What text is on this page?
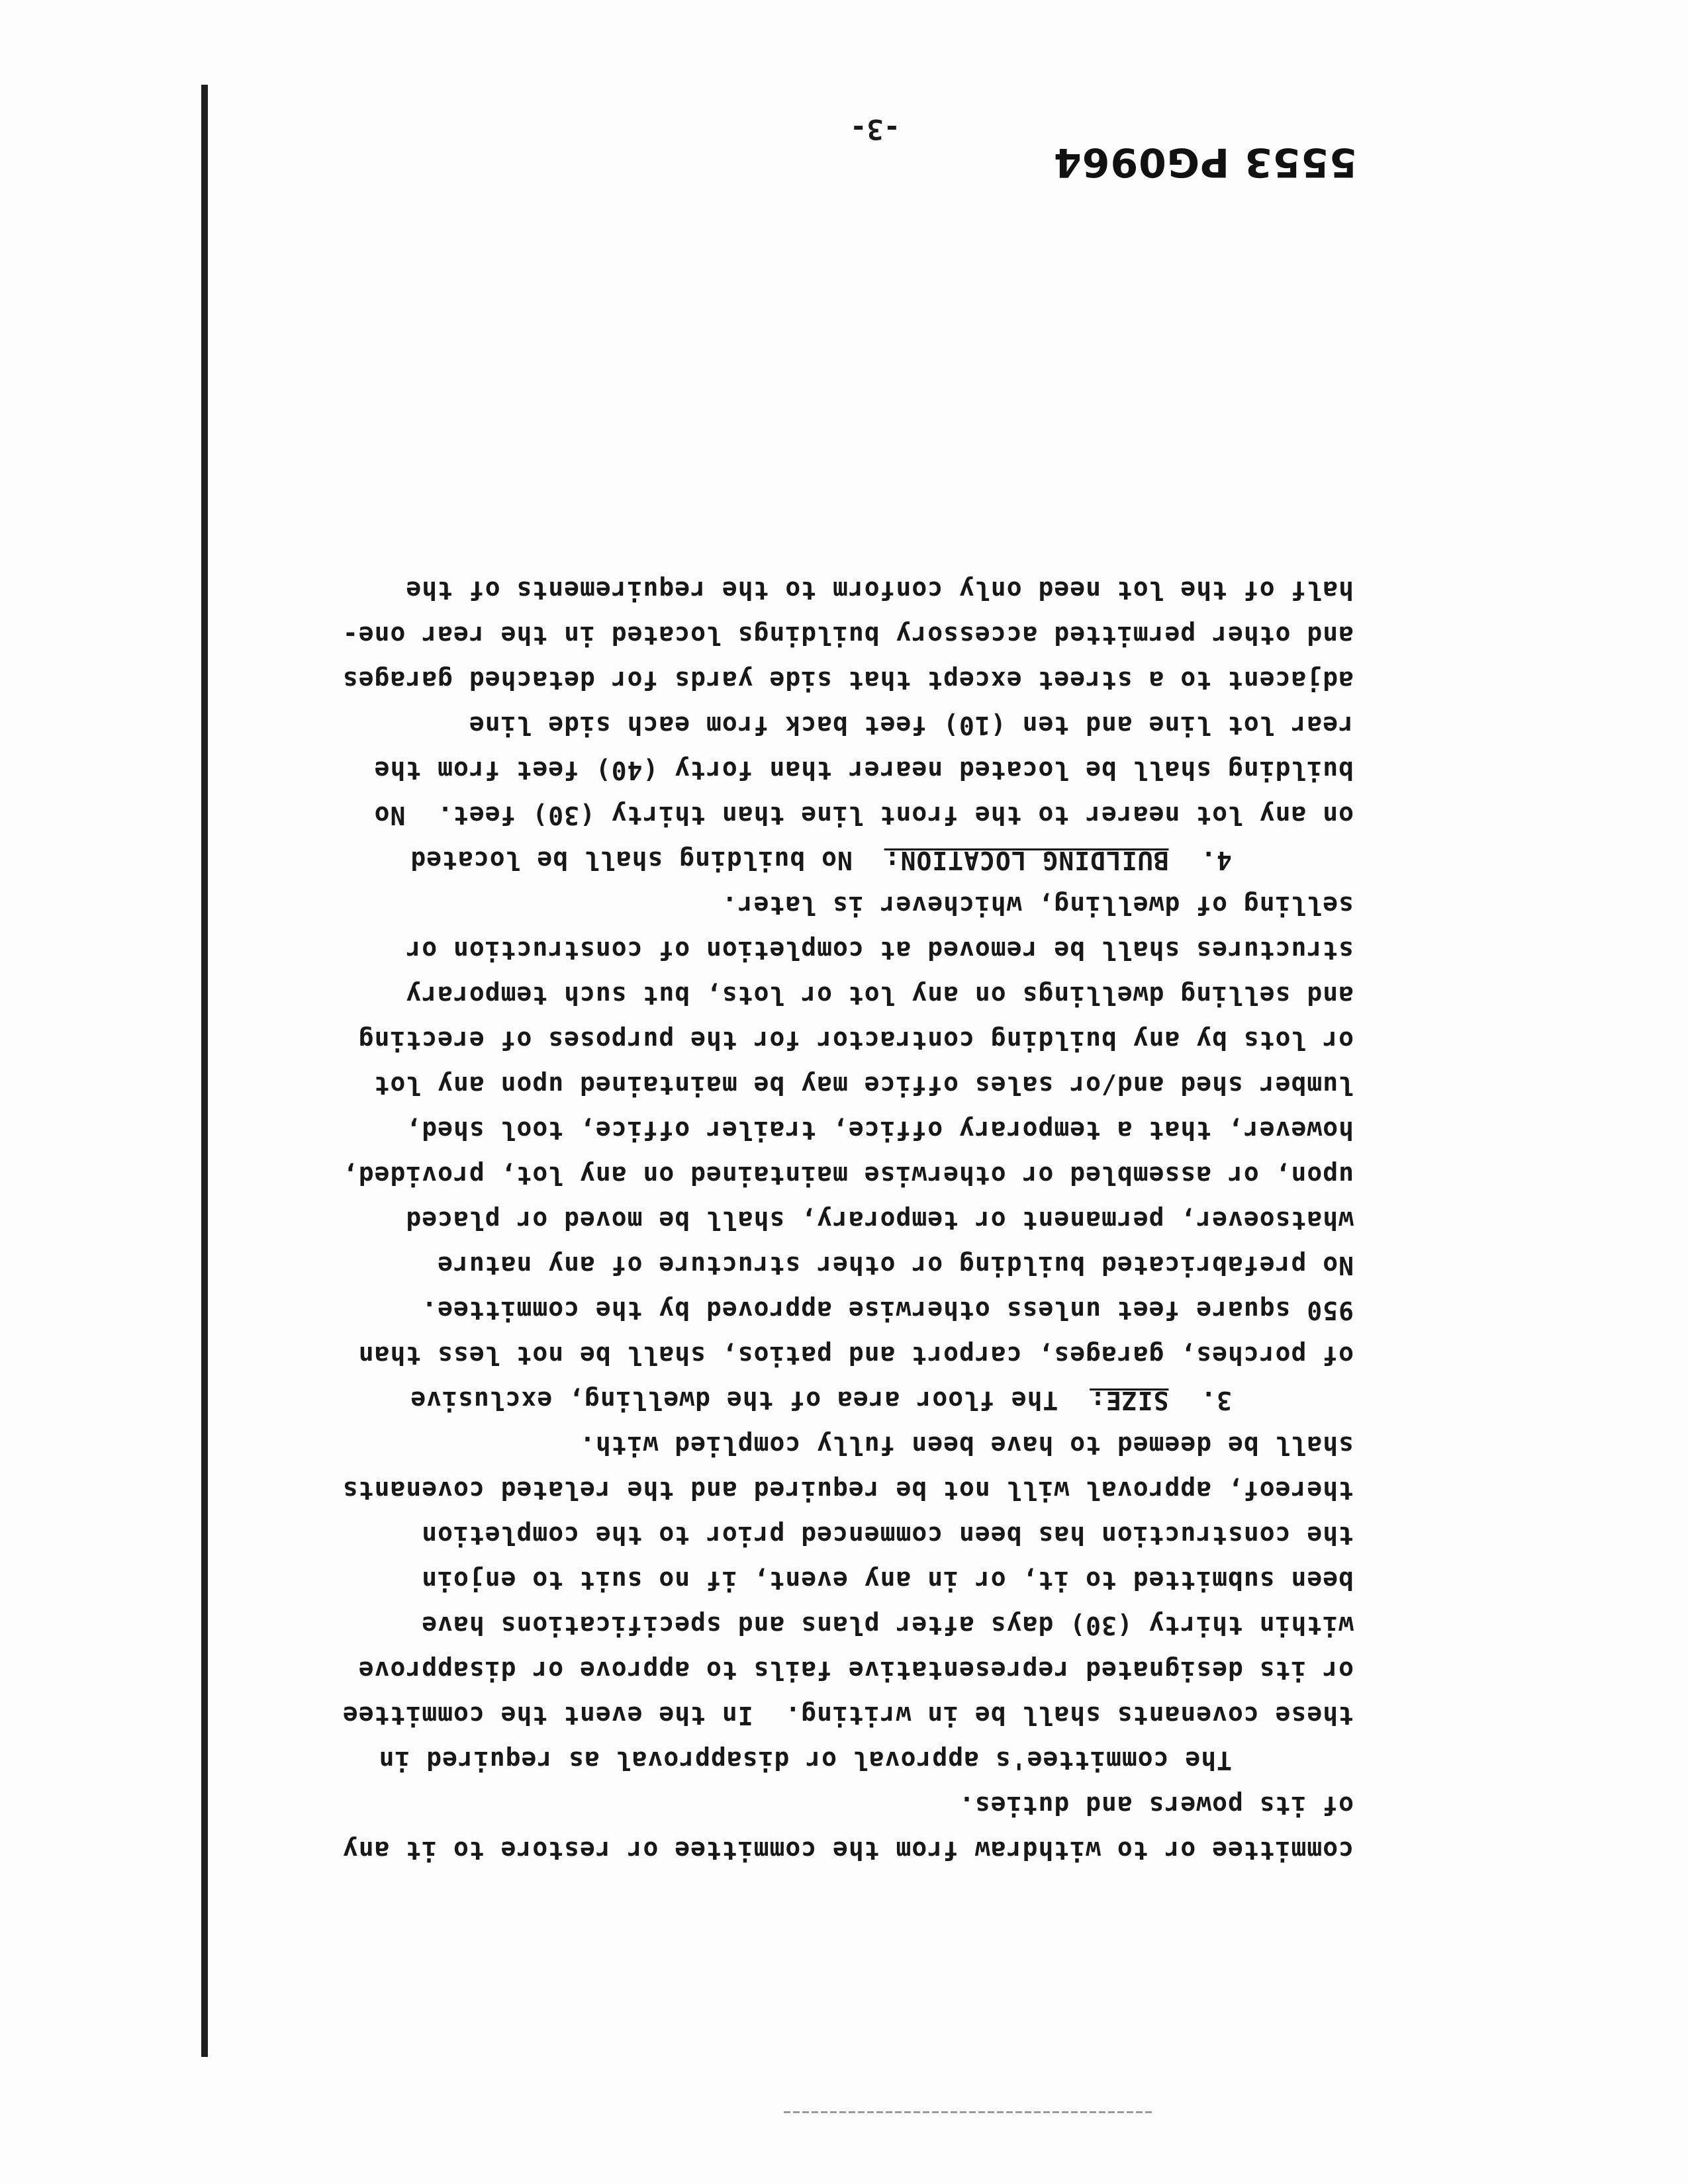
committee or to withdraw from the committee or restore to it any
of its powers and duties.
The committee's approval or disapproval as required in
these covenants shall be in writing.  In the event the committee
or its designated representative fails to approve or disapprove
within thirty (30) days after plans and specifications have
been submitted to it, or in any event, if no suit to enjoin
the construction has been commenced prior to the completion
thereof, approval will not be required and the related covenants
shall be deemed to have been fully complied with.
3.  SIZE:  The floor area of the dwelling, exclusive
of porches, garages, carport and patios, shall be not less than
950 square feet unless otherwise approved by the committee.
No prefabricated building or other structure of any nature
whatsoever, permanent or temporary, shall be moved or placed
upon, or assembled or otherwise maintained on any lot, provided,
however, that a temporary office, trailer office, tool shed,
lumber shed and/or sales office may be maintained upon any lot
or lots by any building contractor for the purposes of erecting
and selling dwellings on any lot or lots, but such temporary
structures shall be removed at completion of construction or
selling of dwelling, whichever is later.
4.  BUILDING LOCATION:  No building shall be located
on any lot nearer to the front line than thirty (30) feet.  No
building shall be located nearer than forty (40) feet from the
rear lot line and ten (10) feet back from each side line
adjacent to a street except that side yards for detached garages
and other permitted accessory buildings located in the rear one-
half of the lot need only conform to the requirements of the
-3-
5553 PG0964
